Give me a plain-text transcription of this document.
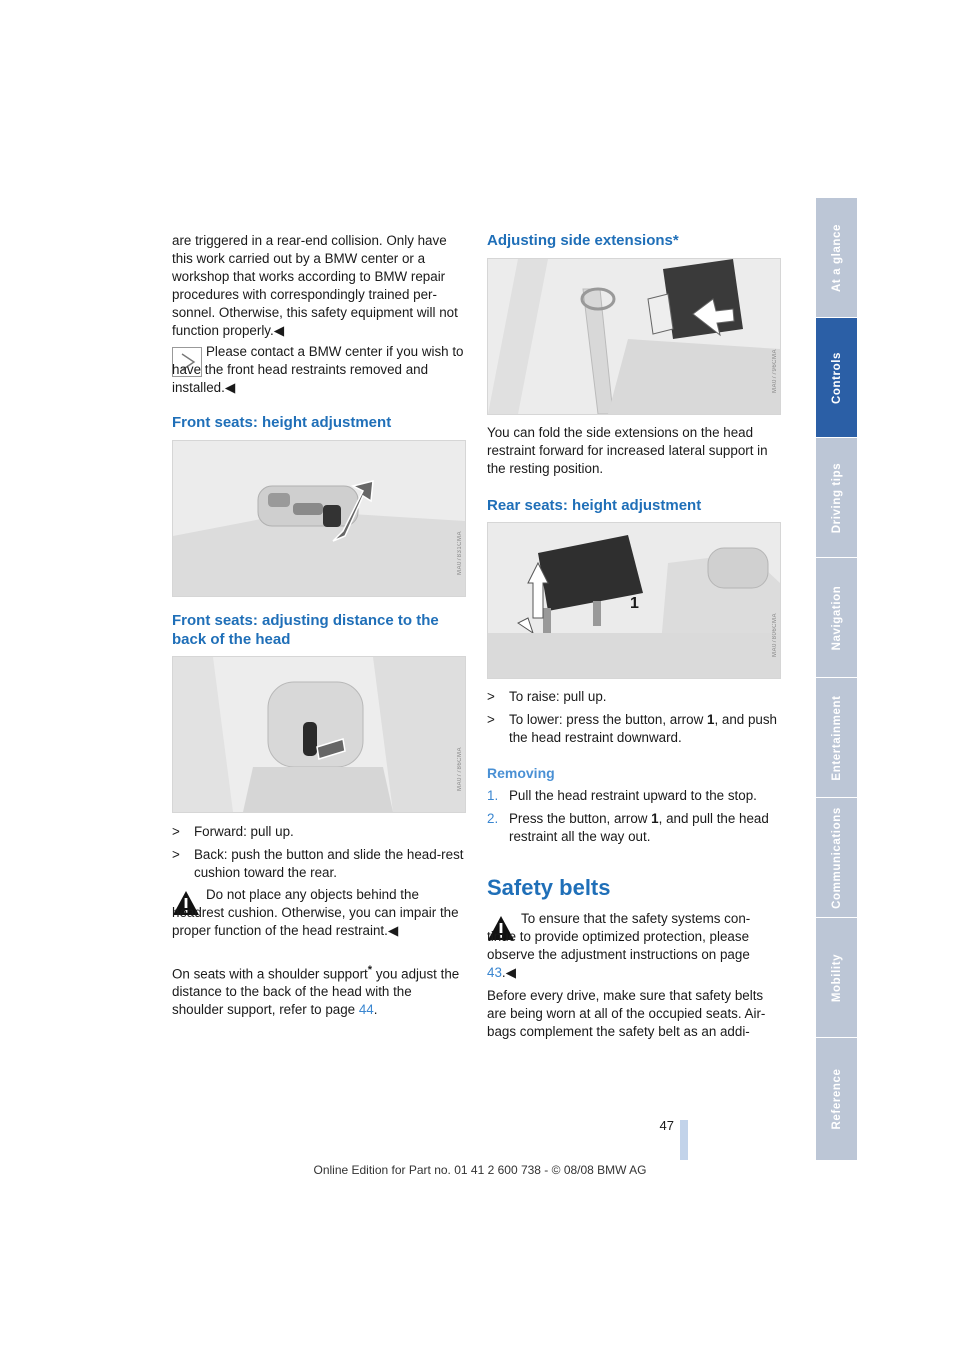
are triggered in a rear-end collision. Only have this work carried out by a BMW center or a workshop that works according to BMW repair procedures with correspondingly trained per-sonnel. Otherwise, this safety equipment will not function properly.◀
Please contact a BMW center if you wish to have the front head restraints removed and installed.◀
Front seats: height adjustment
MA07831CMA
Front seats: adjusting distance to the back of the head
MA07786CMA
> Forward: pull up.
> Back: push the button and slide the head-rest cushion toward the rear.
Do not place any objects behind the headrest cushion. Otherwise, you can impair the proper function of the head restraint.◀
On seats with a shoulder support* you adjust the distance to the back of the head with the shoulder support, refer to page 44.
Adjusting side extensions*
MA07796CMA
You can fold the side extensions on the head restraint forward for increased lateral support in the resting position.
Rear seats: height adjustment
1
MA07806CMA
> To raise: pull up.
> To lower: press the button, arrow 1, and push the head restraint downward.
Removing
1. Pull the head restraint upward to the stop.
2. Press the button, arrow 1, and pull the head restraint all the way out.
Safety belts
To ensure that the safety systems con-tinue to provide optimized protection, please observe the adjustment instructions on page 43.◀
Before every drive, make sure that safety belts are being worn at all of the occupied seats. Air-bags complement the safety belt as an addi-
At a glance
Controls
Driving tips
Navigation
Entertainment
Communications
Mobility
Reference
47
Online Edition for Part no. 01 41 2 600 738 - © 08/08 BMW AG
